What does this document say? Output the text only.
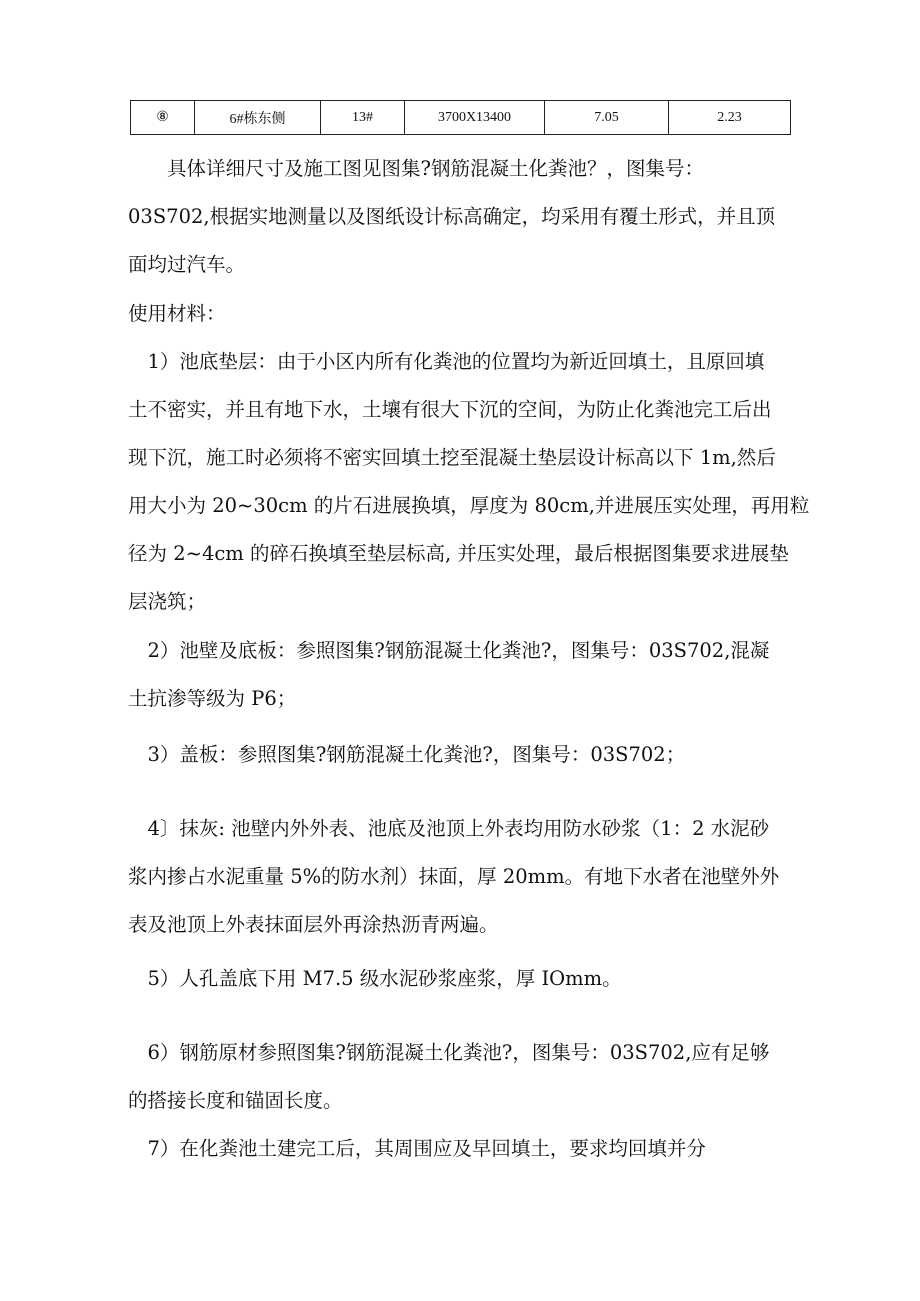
⑧	6#栋东侧	13#	3700X13400	7.05	2.23
　　具体详细尺寸及施工图见图集?钢筋混凝土化粪池？，图集号：
03S702,根据实地测量以及图纸设计标高确定，均采用有覆土形式，并且顶
面均过汽车。
使用材料：
　1）池底垫层：由于小区内所有化粪池的位置均为新近回填土，且原回填
土不密实，并且有地下水，土壤有很大下沉的空间，为防止化粪池完工后出
现下沉，施工时必须将不密实回填土挖至混凝土垫层设计标高以下 1m,然后
用大小为 20~30cm 的片石进展换填，厚度为 80cm,并进展压实处理，再用粒
径为 2~4cm 的碎石换填至垫层标高, 并压实处理，最后根据图集要求进展垫
层浇筑；
　2）池壁及底板：参照图集?钢筋混凝土化粪池?，图集号：03S702,混凝
土抗渗等级为 P6；
　3）盖板：参照图集?钢筋混凝土化粪池?，图集号：03S702；
　4〕抹灰: 池壁内外外表、池底及池顶上外表均用防水砂浆（1：2 水泥砂
浆内掺占水泥重量 5%的防水剂）抹面，厚 20mm。有地下水者在池壁外外
表及池顶上外表抹面层外再涂热沥青两遍。
　5）人孔盖底下用 M7.5 级水泥砂浆座浆，厚 IOmm。
　6）钢筋原材参照图集?钢筋混凝土化粪池?，图集号：03S702,应有足够
的搭接长度和锚固长度。
　7）在化粪池土建完工后，其周围应及早回填土，要求均回填并分
